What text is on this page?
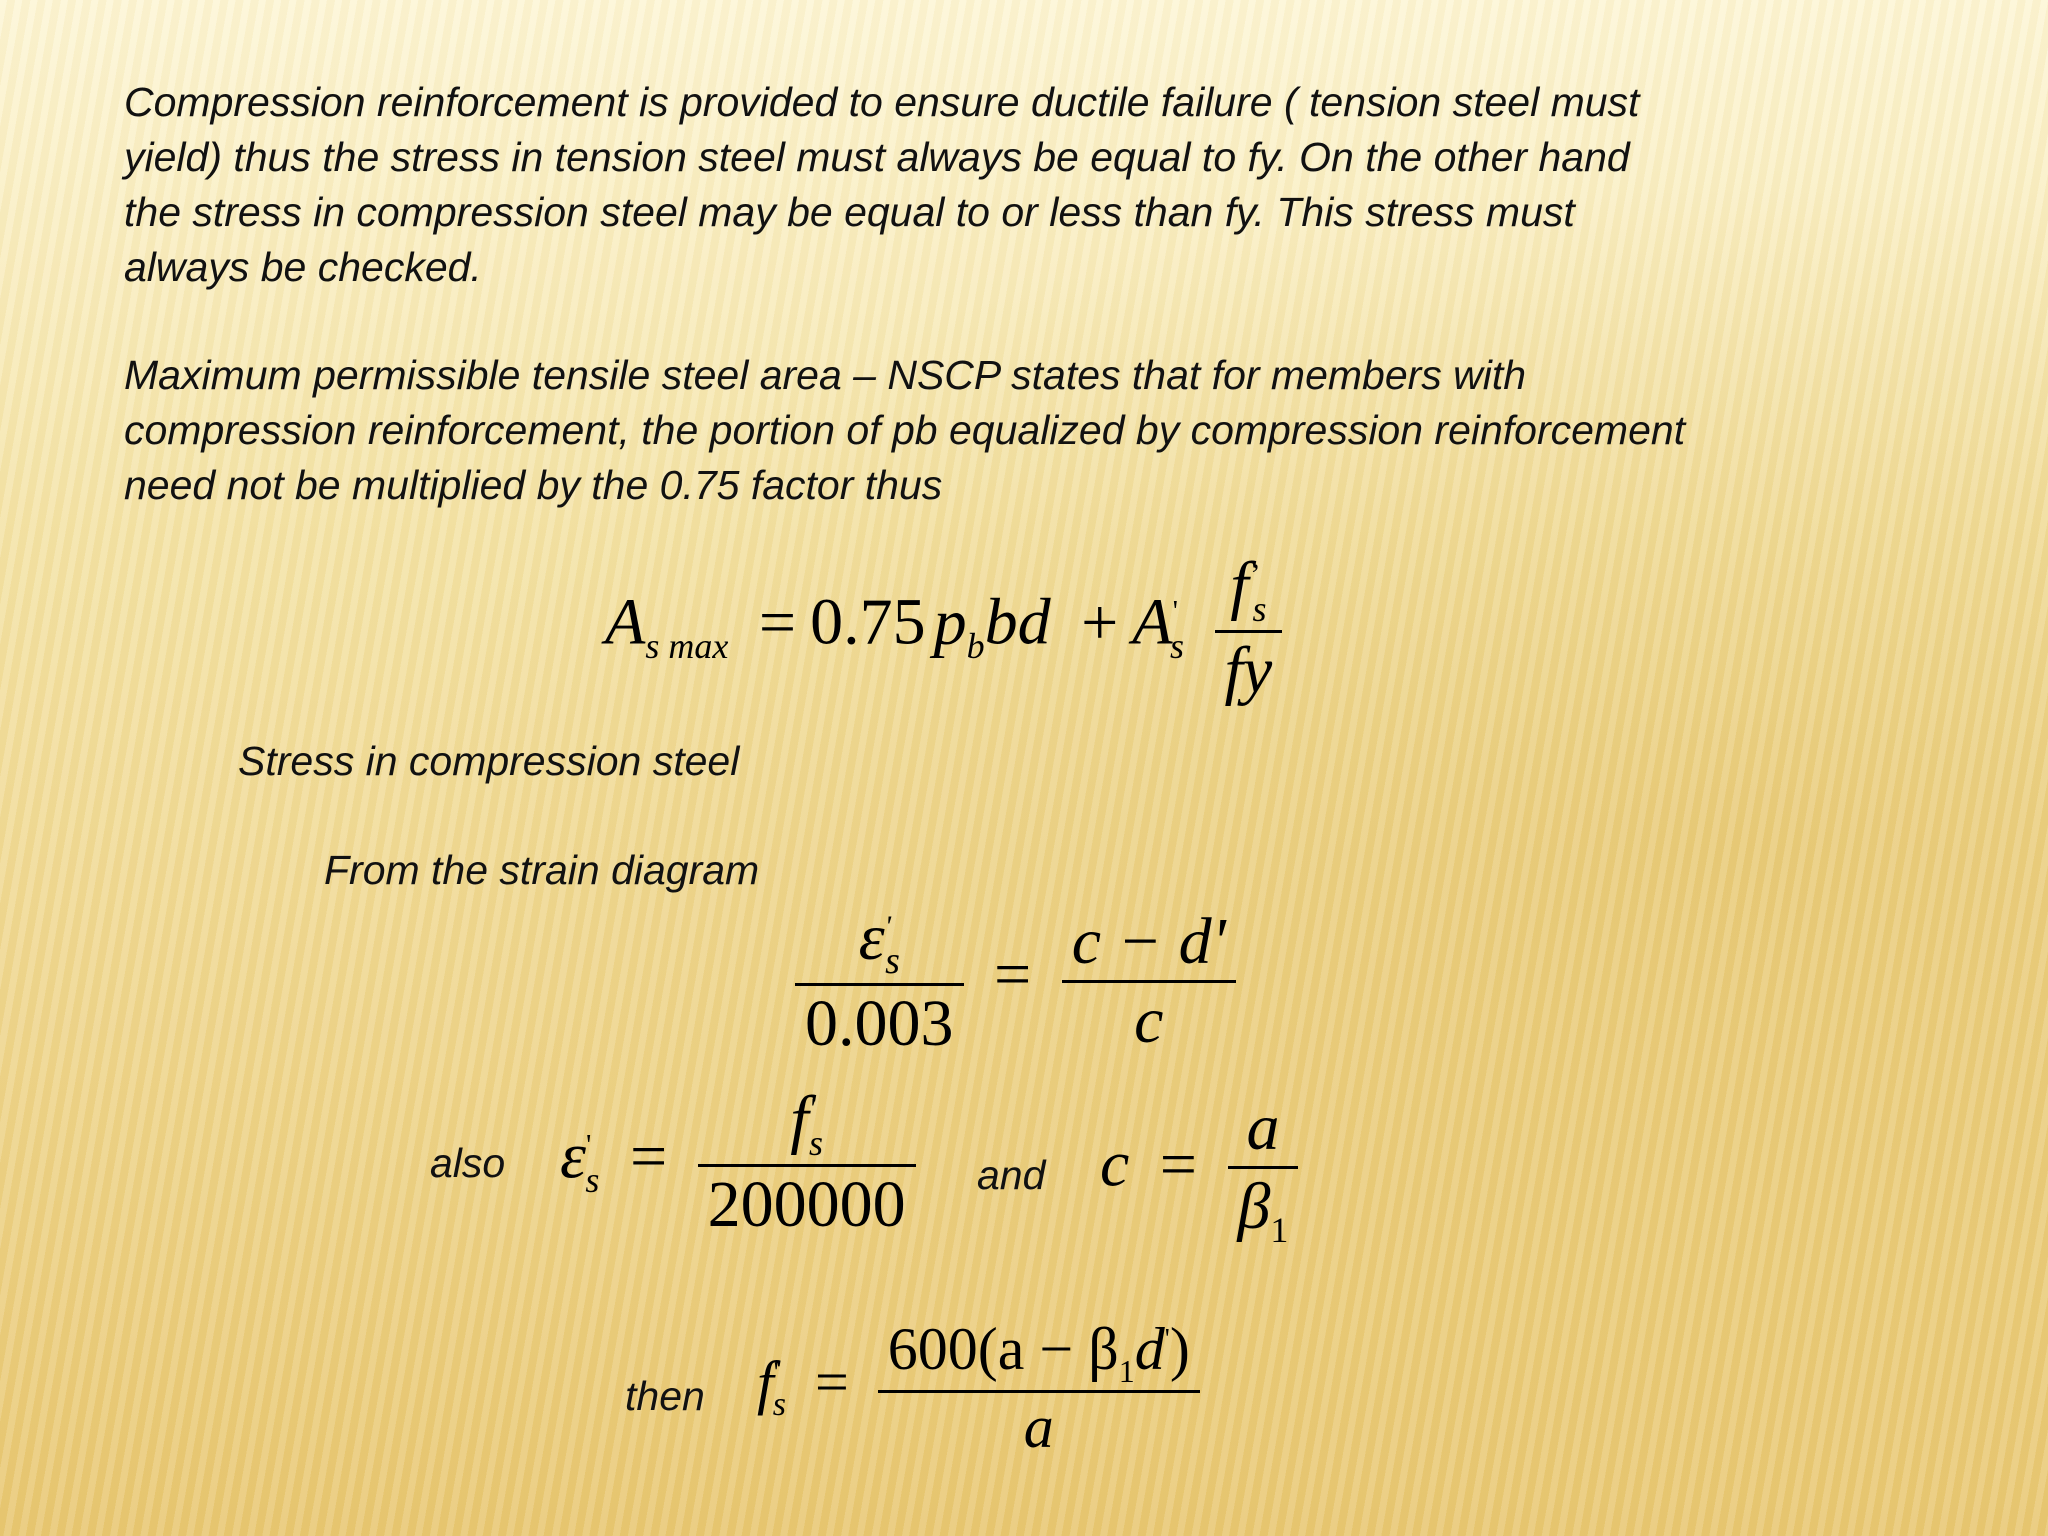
Compression reinforcement is provided to ensure ductile failure ( tension steel must
yield) thus the stress in tension steel must always be equal to fy. On the other hand
the stress in compression steel may be equal to or less than fy. This stress must
always be checked.

Maximum permissible tensile steel area – NSCP states that for members with
compression reinforcement, the portion of pb equalized by compression reinforcement
need not be multiplied by the 0.75 factor thus

$A_{s max} = 0.75$ $p_bbd + A'_s \frac{f^’_s}{fy}$
Stress in compression steel
From the strain diagram
$\frac{\varepsilon'_s}{0.003} = \frac{c - d'}{c}$
also $\varepsilon'_s = \frac{f'_s}{200000}$ and $c = \frac{a}{\beta_1}$
then $f'_s = \frac{600(a - \beta_1d')}{a}$
